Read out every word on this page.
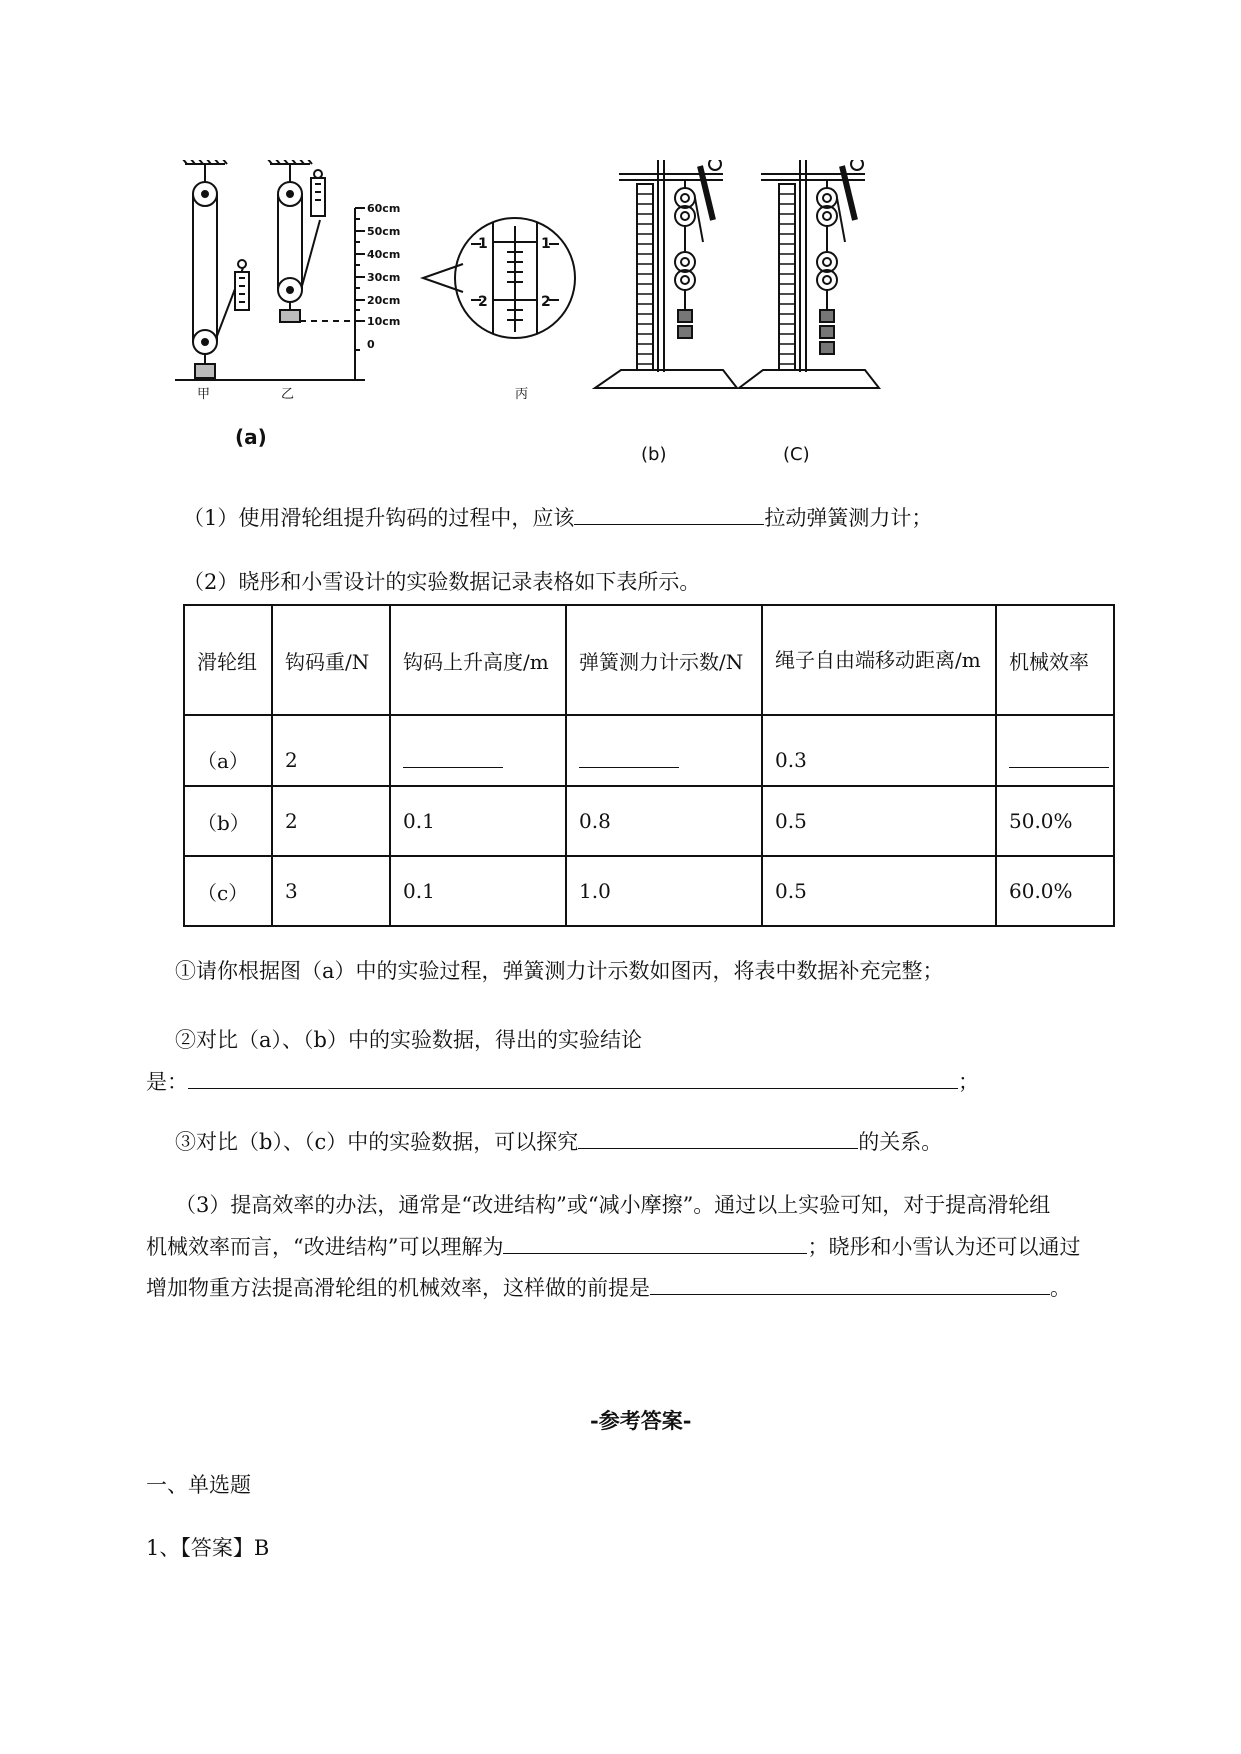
60cm
50cm
40cm
30cm
20cm
10cm
0
1	1
2	2
甲	乙	丙
(a)
(b)	(C)
（1）使用滑轮组提升钩码的过程中，应该	拉动弹簧测力计；
（2）晓彤和小雪设计的实验数据记录表格如下表所示。
滑轮组	钩码重/N	钩码上升高度/m	弹簧测力计示数/N	绳子自由端移动距离/m	机械效率
（a）	2			0.3	
（b）	2	0.1	0.8	0.5	50.0%
（c）	3	0.1	1.0	0.5	60.0%
①请你根据图（a）中的实验过程，弹簧测力计示数如图丙，将表中数据补充完整；
②对比（a）、（b）中的实验数据，得出的实验结论
是：	；
③对比（b）、（c）中的实验数据，可以探究	的关系。
（3）提高效率的办法，通常是“改进结构”或“减小摩擦”。通过以上实验可知，对于提高滑轮组
机械效率而言，“改进结构”可以理解为	；晓彤和小雪认为还可以通过
增加物重方法提高滑轮组的机械效率，这样做的前提是	。
-参考答案-
一、单选题
1、【答案】B
